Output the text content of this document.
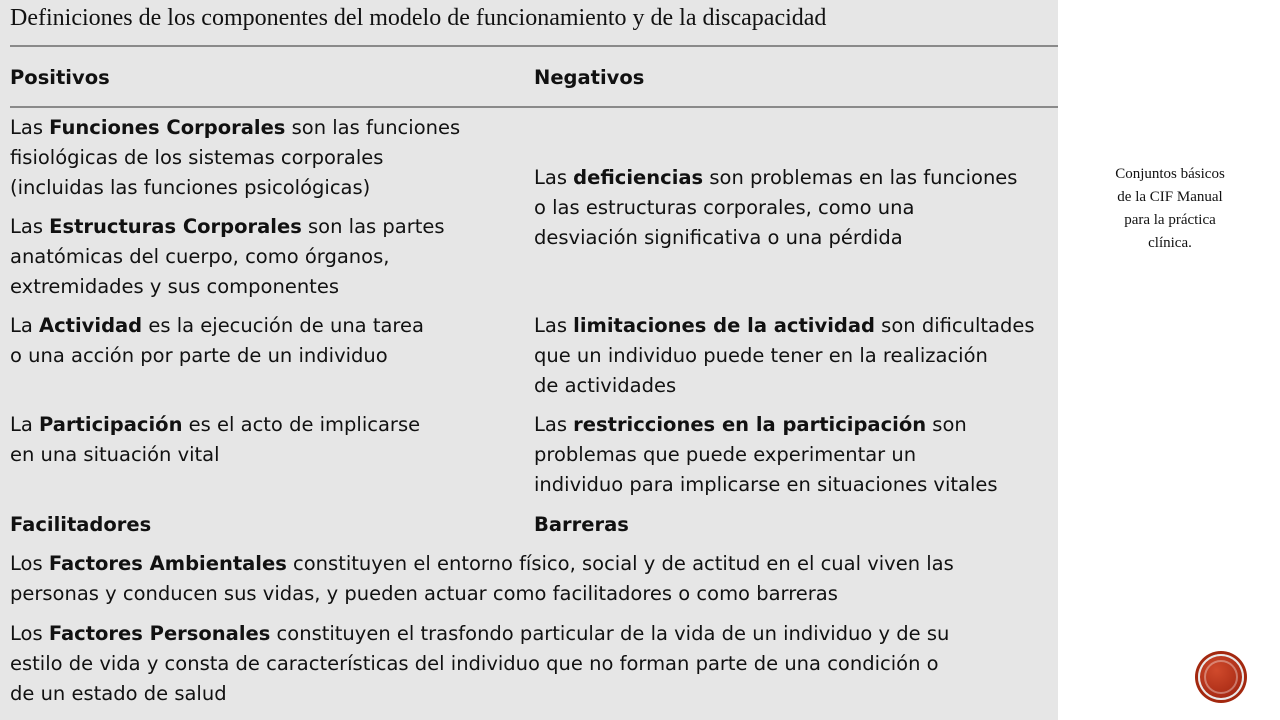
Definiciones de los componentes del modelo de funcionamiento y de la discapacidad
Positivos	Negativos
Las Funciones Corporales son las funciones
fisiológicas de los sistemas corporales
(incluidas las funciones psicológicas)
Las Estructuras Corporales son las partes
anatómicas del cuerpo, como órganos,
extremidades y sus componentes
Las deficiencias son problemas en las funciones
o las estructuras corporales, como una
desviación significativa o una pérdida
La Actividad es la ejecución de una tarea
o una acción por parte de un individuo
Las limitaciones de la actividad son dificultades
que un individuo puede tener en la realización
de actividades
La Participación es el acto de implicarse
en una situación vital
Las restricciones en la participación son
problemas que puede experimentar un
individuo para implicarse en situaciones vitales
Facilitadores	Barreras
Los Factores Ambientales constituyen el entorno físico, social y de actitud en el cual viven las
personas y conducen sus vidas, y pueden actuar como facilitadores o como barreras
Los Factores Personales constituyen el trasfondo particular de la vida de un individuo y de su
estilo de vida y consta de características del individuo que no forman parte de una condición o
de un estado de salud
Conjuntos básicos
de la CIF Manual
para la práctica
clínica.
